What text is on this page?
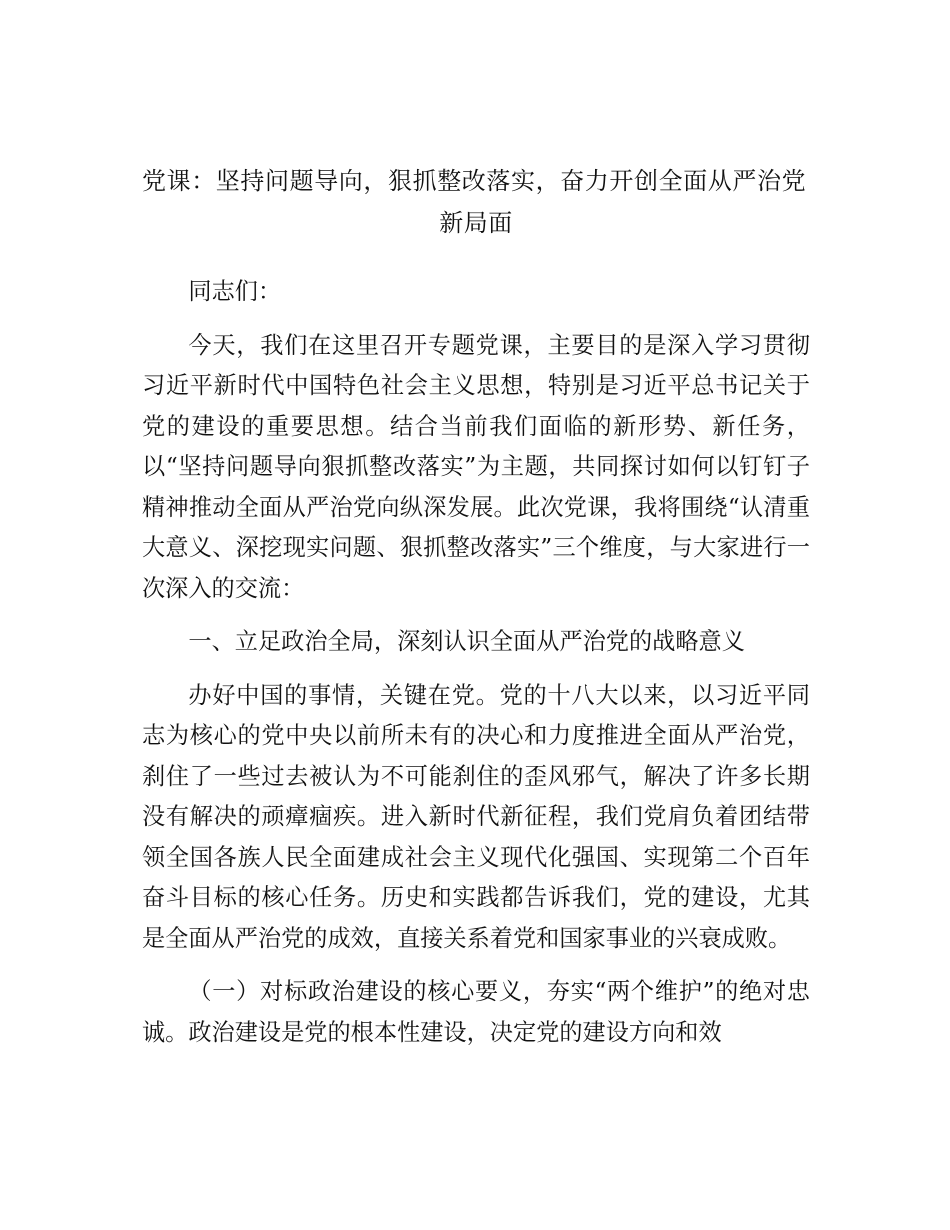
党课：坚持问题导向，狠抓整改落实，奋力开创全面从严治党
新局面

同志们：

今天，我们在这里召开专题党课，主要目的是深入学习贯彻习近平新时代中国特色社会主义思想，特别是习近平总书记关于党的建设的重要思想。结合当前我们面临的新形势、新任务，以“坚持问题导向狠抓整改落实”为主题，共同探讨如何以钉钉子精神推动全面从严治党向纵深发展。此次党课，我将围绕“认清重大意义、深挖现实问题、狠抓整改落实”三个维度，与大家进行一次深入的交流：

一、立足政治全局，深刻认识全面从严治党的战略意义

办好中国的事情，关键在党。党的十八大以来，以习近平同志为核心的党中央以前所未有的决心和力度推进全面从严治党，刹住了一些过去被认为不可能刹住的歪风邪气，解决了许多长期没有解决的顽瘴痼疾。进入新时代新征程，我们党肩负着团结带领全国各族人民全面建成社会主义现代化强国、实现第二个百年奋斗目标的核心任务。历史和实践都告诉我们，党的建设，尤其是全面从严治党的成效，直接关系着党和国家事业的兴衰成败。

（一）对标政治建设的核心要义，夯实“两个维护”的绝对忠诚。政治建设是党的根本性建设，决定党的建设方向和效
